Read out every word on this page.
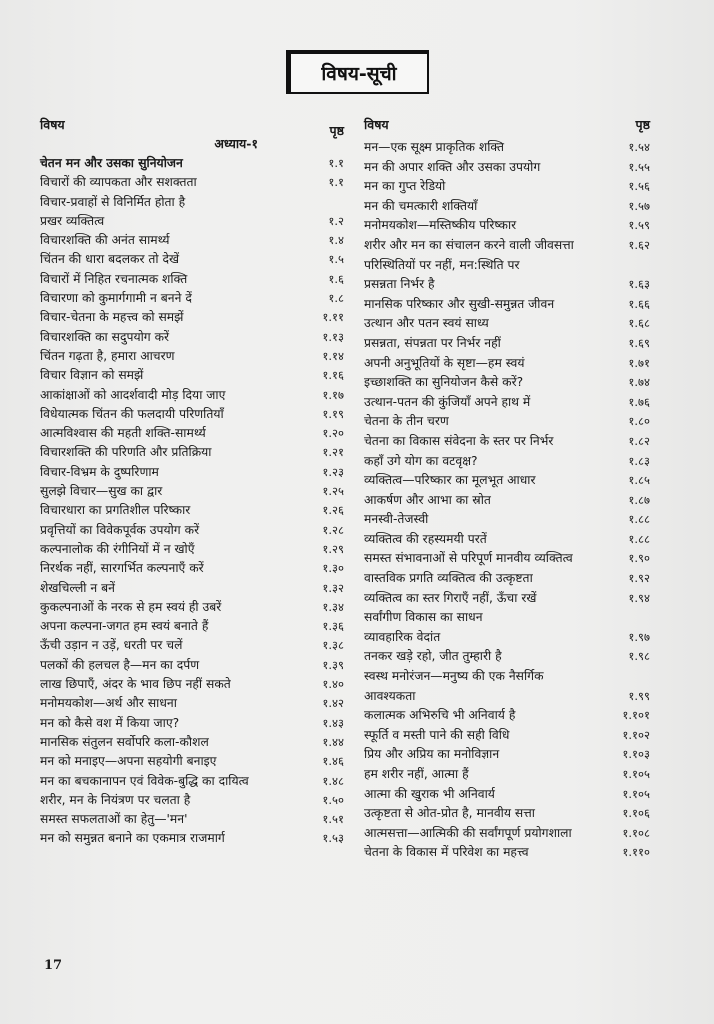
विषय-सूची
विषय	पृष्ठ
अध्याय-१
चेतन मन और उसका सुनियोजन	१.१
विचारों की व्यापकता और सशक्तता	१.१
विचार-प्रवाहों से विनिर्मित होता है
प्रखर व्यक्तित्व	१.२
विचारशक्ति की अनंत सामर्थ्य	१.४
चिंतन की धारा बदलकर तो देखें	१.५
विचारों में निहित रचनात्मक शक्ति	१.६
विचारणा को कुमार्गगामी न बनने दें	१.८
विचार-चेतना के महत्त्व को समझें	१.११
विचारशक्ति का सदुपयोग करें	१.१३
चिंतन गढ़ता है, हमारा आचरण	१.१४
विचार विज्ञान को समझें	१.१६
आकांक्षाओं को आदर्शवादी मोड़ दिया जाए	१.१७
विधेयात्मक चिंतन की फलदायी परिणतियाँ	१.१९
आत्मविश्वास की महती शक्ति-सामर्थ्य	१.२०
विचारशक्ति की परिणति और प्रतिक्रिया	१.२१
विचार-विभ्रम के दुष्परिणाम	१.२३
सुलझे विचार—सुख का द्वार	१.२५
विचारधारा का प्रगतिशील परिष्कार	१.२६
प्रवृत्तियों का विवेकपूर्वक उपयोग करें	१.२८
कल्पनालोक की रंगीनियों में न खोएँ	१.२९
निरर्थक नहीं, सारगर्भित कल्पनाएँ करें	१.३०
शेखचिल्ली न बनें	१.३२
कुकल्पनाओं के नरक से हम स्वयं ही उबरें	१.३४
अपना कल्पना-जगत हम स्वयं बनाते हैं	१.३६
ऊँची उड़ान न उड़ें, धरती पर चलें	१.३८
पलकों की हलचल है—मन का दर्पण	१.३९
लाख छिपाएँ, अंदर के भाव छिप नहीं सकते	१.४०
मनोमयकोश—अर्थ और साधना	१.४२
मन को कैसे वश में किया जाए?	१.४३
मानसिक संतुलन सर्वोपरि कला-कौशल	१.४४
मन को मनाइए—अपना सहयोगी बनाइए	१.४६
मन का बचकानापन एवं विवेक-बुद्धि का दायित्व	१.४८
शरीर, मन के नियंत्रण पर चलता है	१.५०
समस्त सफलताओं का हेतु—'मन'	१.५१
मन को समुन्नत बनाने का एकमात्र राजमार्ग	१.५३
विषय	पृष्ठ
मन—एक सूक्ष्म प्राकृतिक शक्ति	१.५४
मन की अपार शक्ति और उसका उपयोग	१.५५
मन का गुप्त रेडियो	१.५६
मन की चमत्कारी शक्तियाँ	१.५७
मनोमयकोश—मस्तिष्कीय परिष्कार	१.५९
शरीर और मन का संचालन करने वाली जीवसत्ता	१.६२
परिस्थितियों पर नहीं, मन:स्थिति पर
प्रसन्नता निर्भर है	१.६३
मानसिक परिष्कार और सुखी-समुन्नत जीवन	१.६६
उत्थान और पतन स्वयं साध्य	१.६८
प्रसन्नता, संपन्नता पर निर्भर नहीं	१.६९
अपनी अनुभूतियों के सृष्टा—हम स्वयं	१.७१
इच्छाशक्ति का सुनियोजन कैसे करें?	१.७४
उत्थान-पतन की कुंजियाँ अपने हाथ में	१.७६
चेतना के तीन चरण	१.८०
चेतना का विकास संवेदना के स्तर पर निर्भर	१.८२
कहाँ उगे योग का वटवृक्ष?	१.८३
व्यक्तित्व—परिष्कार का मूलभूत आधार	१.८५
आकर्षण और आभा का स्रोत	१.८७
मनस्वी-तेजस्वी	१.८८
व्यक्तित्व की रहस्यमयी परतें	१.८८
समस्त संभावनाओं से परिपूर्ण मानवीय व्यक्तित्व	१.९०
वास्तविक प्रगति व्यक्तित्व की उत्कृष्टता	१.९२
व्यक्तित्व का स्तर गिराएँ नहीं, ऊँचा रखें	१.९४
सर्वांगीण विकास का साधन
व्यावहारिक वेदांत	१.९७
तनकर खड़े रहो, जीत तुम्हारी है	१.९८
स्वस्थ मनोरंजन—मनुष्य की एक नैसर्गिक
आवश्यकता	१.९९
कलात्मक अभिरुचि भी अनिवार्य है	१.१०१
स्फूर्ति व मस्ती पाने की सही विधि	१.१०२
प्रिय और अप्रिय का मनोविज्ञान	१.१०३
हम शरीर नहीं, आत्मा हैं	१.१०५
आत्मा की खुराक भी अनिवार्य	१.१०५
उत्कृष्टता से ओत-प्रोत है, मानवीय सत्ता	१.१०६
आत्मसत्ता—आत्मिकी की सर्वांगपूर्ण प्रयोगशाला	१.१०८
चेतना के विकास में परिवेश का महत्त्व	१.११०
17
